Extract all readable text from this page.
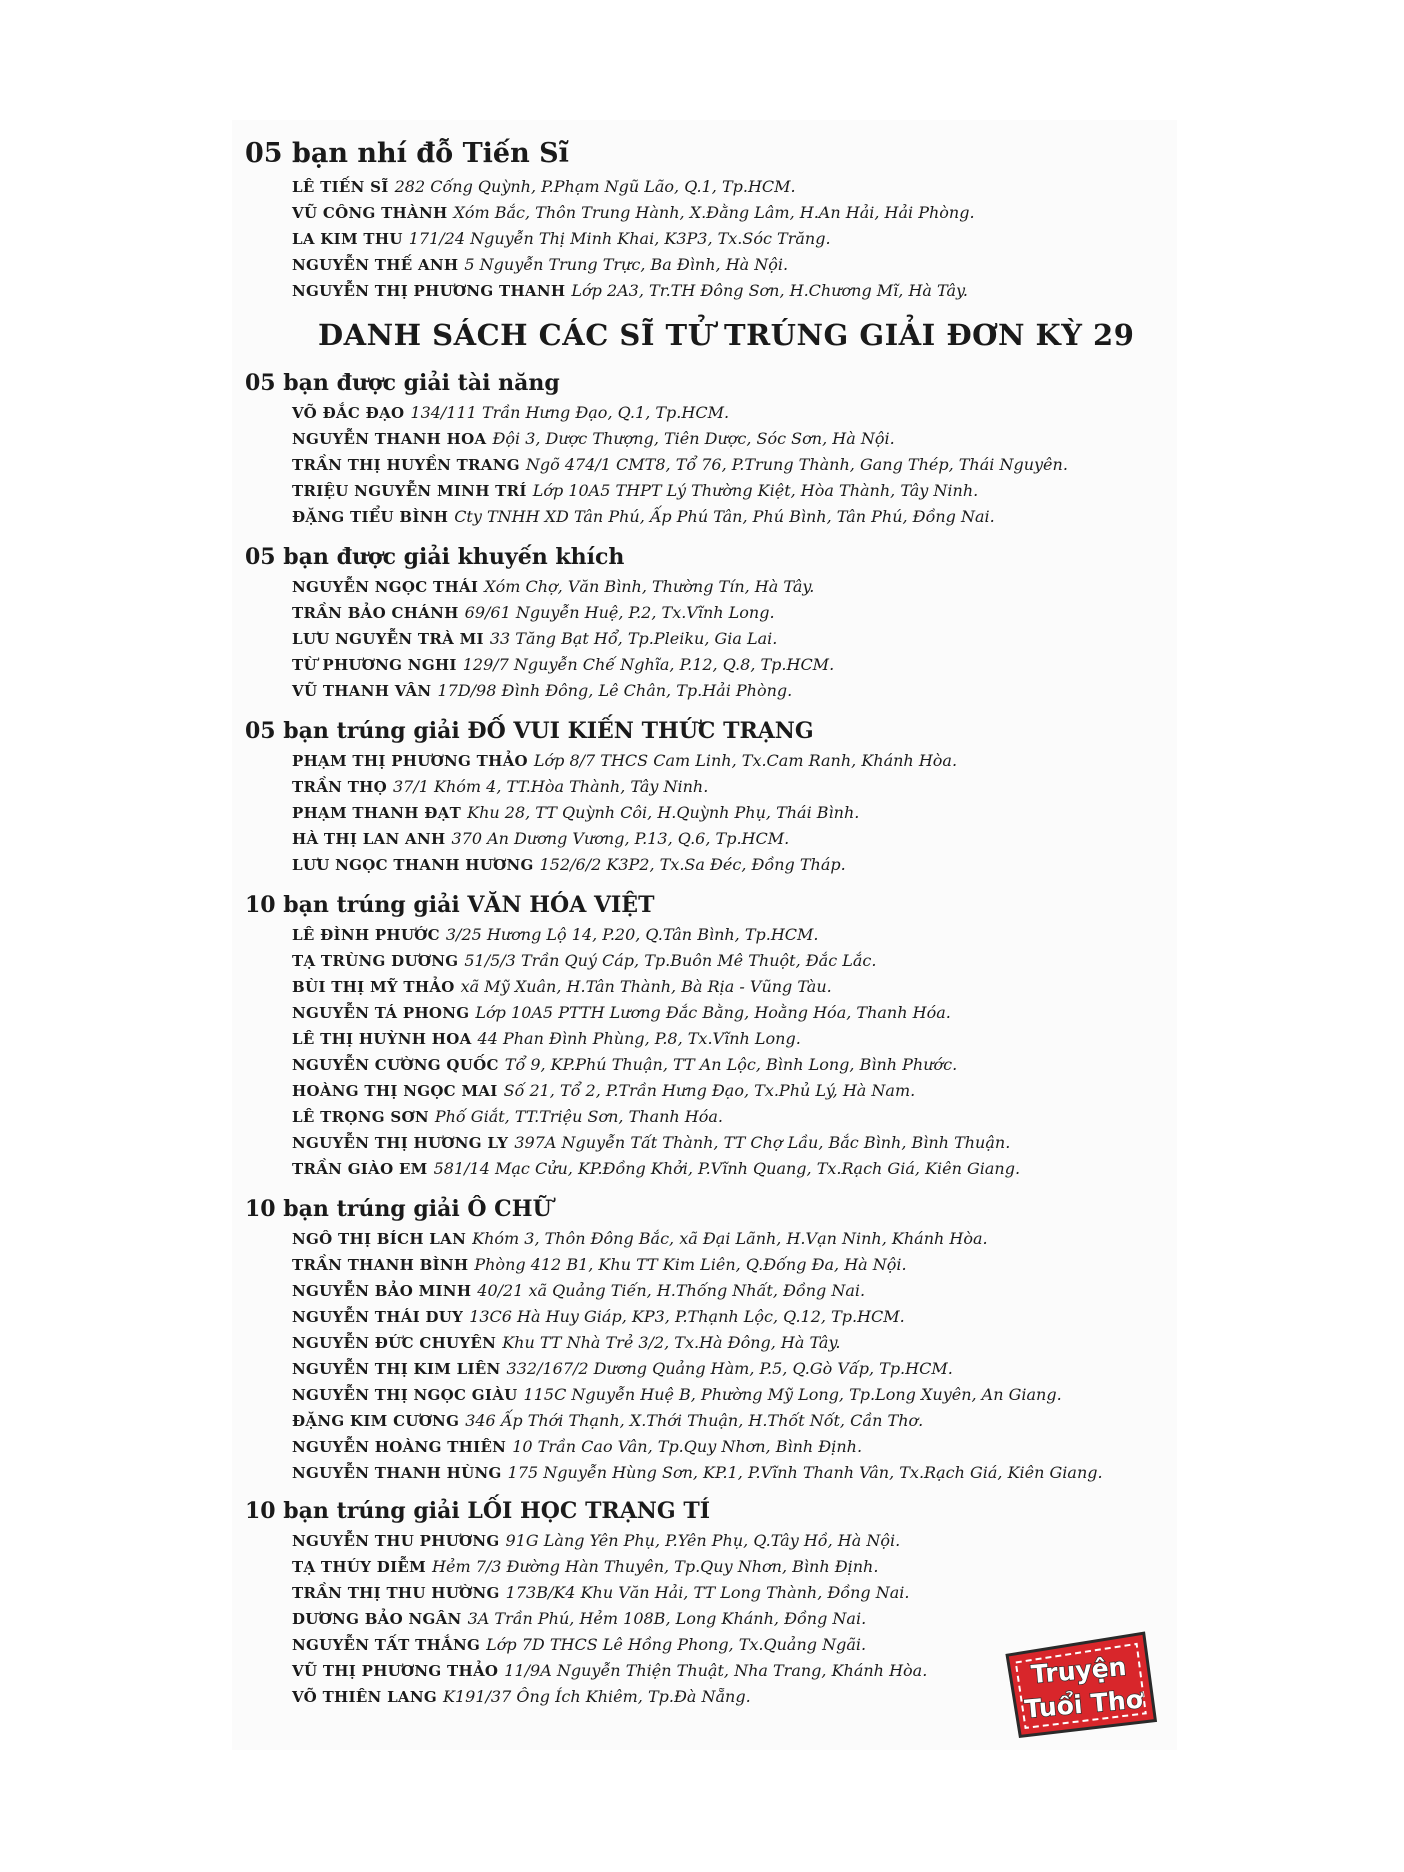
05 bạn nhí đỗ Tiến Sĩ
LÊ TIẾN SĨ 282 Cống Quỳnh, P.Phạm Ngũ Lão, Q.1, Tp.HCM.
VŨ CÔNG THÀNH Xóm Bắc, Thôn Trung Hành, X.Đằng Lâm, H.An Hải, Hải Phòng.
LA KIM THU 171/24 Nguyễn Thị Minh Khai, K3P3, Tx.Sóc Trăng.
NGUYỄN THẾ ANH 5 Nguyễn Trung Trực, Ba Đình, Hà Nội.
NGUYỄN THỊ PHƯƠNG THANH Lớp 2A3, Tr.TH Đông Sơn, H.Chương Mĩ, Hà Tây.
DANH SÁCH CÁC SĨ TỬ TRÚNG GIẢI ĐƠN KỲ 29
05 bạn được giải tài năng
VÕ ĐẮC ĐẠO 134/111 Trần Hưng Đạo, Q.1, Tp.HCM.
NGUYỄN THANH HOA Đội 3, Dược Thượng, Tiên Dược, Sóc Sơn, Hà Nội.
TRẦN THỊ HUYỀN TRANG Ngõ 474/1 CMT8, Tổ 76, P.Trung Thành, Gang Thép, Thái Nguyên.
TRIỆU NGUYỄN MINH TRÍ Lớp 10A5 THPT Lý Thường Kiệt, Hòa Thành, Tây Ninh.
ĐẶNG TIỂU BÌNH Cty TNHH XD Tân Phú, Ấp Phú Tân, Phú Bình, Tân Phú, Đồng Nai.
05 bạn được giải khuyến khích
NGUYỄN NGỌC THÁI Xóm Chợ, Văn Bình, Thường Tín, Hà Tây.
TRẦN BẢO CHÁNH 69/61 Nguyễn Huệ, P.2, Tx.Vĩnh Long.
LƯU NGUYỄN TRÀ MI 33 Tăng Bạt Hổ, Tp.Pleiku, Gia Lai.
TỪ PHƯƠNG NGHI 129/7 Nguyễn Chế Nghĩa, P.12, Q.8, Tp.HCM.
VŨ THANH VÂN 17D/98 Đình Đông, Lê Chân, Tp.Hải Phòng.
05 bạn trúng giải ĐỐ VUI KIẾN THỨC TRẠNG
PHẠM THỊ PHƯƠNG THẢO Lớp 8/7 THCS Cam Linh, Tx.Cam Ranh, Khánh Hòa.
TRẦN THỌ 37/1 Khóm 4, TT.Hòa Thành, Tây Ninh.
PHẠM THANH ĐẠT Khu 28, TT Quỳnh Côi, H.Quỳnh Phụ, Thái Bình.
HÀ THỊ LAN ANH 370 An Dương Vương, P.13, Q.6, Tp.HCM.
LƯU NGỌC THANH HƯƠNG 152/6/2 K3P2, Tx.Sa Đéc, Đồng Tháp.
10 bạn trúng giải VĂN HÓA VIỆT
LÊ ĐÌNH PHƯỚC 3/25 Hương Lộ 14, P.20, Q.Tân Bình, Tp.HCM.
TẠ TRÙNG DƯƠNG 51/5/3 Trần Quý Cáp, Tp.Buôn Mê Thuột, Đắc Lắc.
BÙI THỊ MỸ THẢO xã Mỹ Xuân, H.Tân Thành, Bà Rịa - Vũng Tàu.
NGUYỄN TÁ PHONG Lớp 10A5 PTTH Lương Đắc Bằng, Hoằng Hóa, Thanh Hóa.
LÊ THỊ HUỲNH HOA 44 Phan Đình Phùng, P.8, Tx.Vĩnh Long.
NGUYỄN CƯỜNG QUỐC Tổ 9, KP.Phú Thuận, TT An Lộc, Bình Long, Bình Phước.
HOÀNG THỊ NGỌC MAI Số 21, Tổ 2, P.Trần Hưng Đạo, Tx.Phủ Lý, Hà Nam.
LÊ TRỌNG SƠN Phố Giắt, TT.Triệu Sơn, Thanh Hóa.
NGUYỄN THỊ HƯƠNG LY 397A Nguyễn Tất Thành, TT Chợ Lầu, Bắc Bình, Bình Thuận.
TRẦN GIÀO EM 581/14 Mạc Cửu, KP.Đồng Khởi, P.Vĩnh Quang, Tx.Rạch Giá, Kiên Giang.
10 bạn trúng giải Ô CHỮ
NGÔ THỊ BÍCH LAN Khóm 3, Thôn Đông Bắc, xã Đại Lãnh, H.Vạn Ninh, Khánh Hòa.
TRẦN THANH BÌNH Phòng 412 B1, Khu TT Kim Liên, Q.Đống Đa, Hà Nội.
NGUYỄN BẢO MINH 40/21 xã Quảng Tiến, H.Thống Nhất, Đồng Nai.
NGUYỄN THÁI DUY 13C6 Hà Huy Giáp, KP3, P.Thạnh Lộc, Q.12, Tp.HCM.
NGUYỄN ĐỨC CHUYÊN Khu TT Nhà Trẻ 3/2, Tx.Hà Đông, Hà Tây.
NGUYỄN THỊ KIM LIÊN 332/167/2 Dương Quảng Hàm, P.5, Q.Gò Vấp, Tp.HCM.
NGUYỄN THỊ NGỌC GIÀU 115C Nguyễn Huệ B, Phường Mỹ Long, Tp.Long Xuyên, An Giang.
ĐẶNG KIM CƯƠNG 346 Ấp Thới Thạnh, X.Thới Thuận, H.Thốt Nốt, Cần Thơ.
NGUYỄN HOÀNG THIÊN 10 Trần Cao Vân, Tp.Quy Nhơn, Bình Định.
NGUYỄN THANH HÙNG 175 Nguyễn Hùng Sơn, KP.1, P.Vĩnh Thanh Vân, Tx.Rạch Giá, Kiên Giang.
10 bạn trúng giải LỐI HỌC TRẠNG TÍ
NGUYỄN THU PHƯƠNG 91G Làng Yên Phụ, P.Yên Phụ, Q.Tây Hồ, Hà Nội.
TẠ THÚY DIỄM Hẻm 7/3 Đường Hàn Thuyên, Tp.Quy Nhơn, Bình Định.
TRẦN THỊ THU HƯỜNG 173B/K4 Khu Văn Hải, TT Long Thành, Đồng Nai.
DƯƠNG BẢO NGÂN 3A Trần Phú, Hẻm 108B, Long Khánh, Đồng Nai.
NGUYỄN TẤT THẮNG Lớp 7D THCS Lê Hồng Phong, Tx.Quảng Ngãi.
VŨ THỊ PHƯƠNG THẢO 11/9A Nguyễn Thiện Thuật, Nha Trang, Khánh Hòa.
VÕ THIÊN LANG K191/37 Ông Ích Khiêm, Tp.Đà Nẵng.
Truyện
Tuổi Thơ
